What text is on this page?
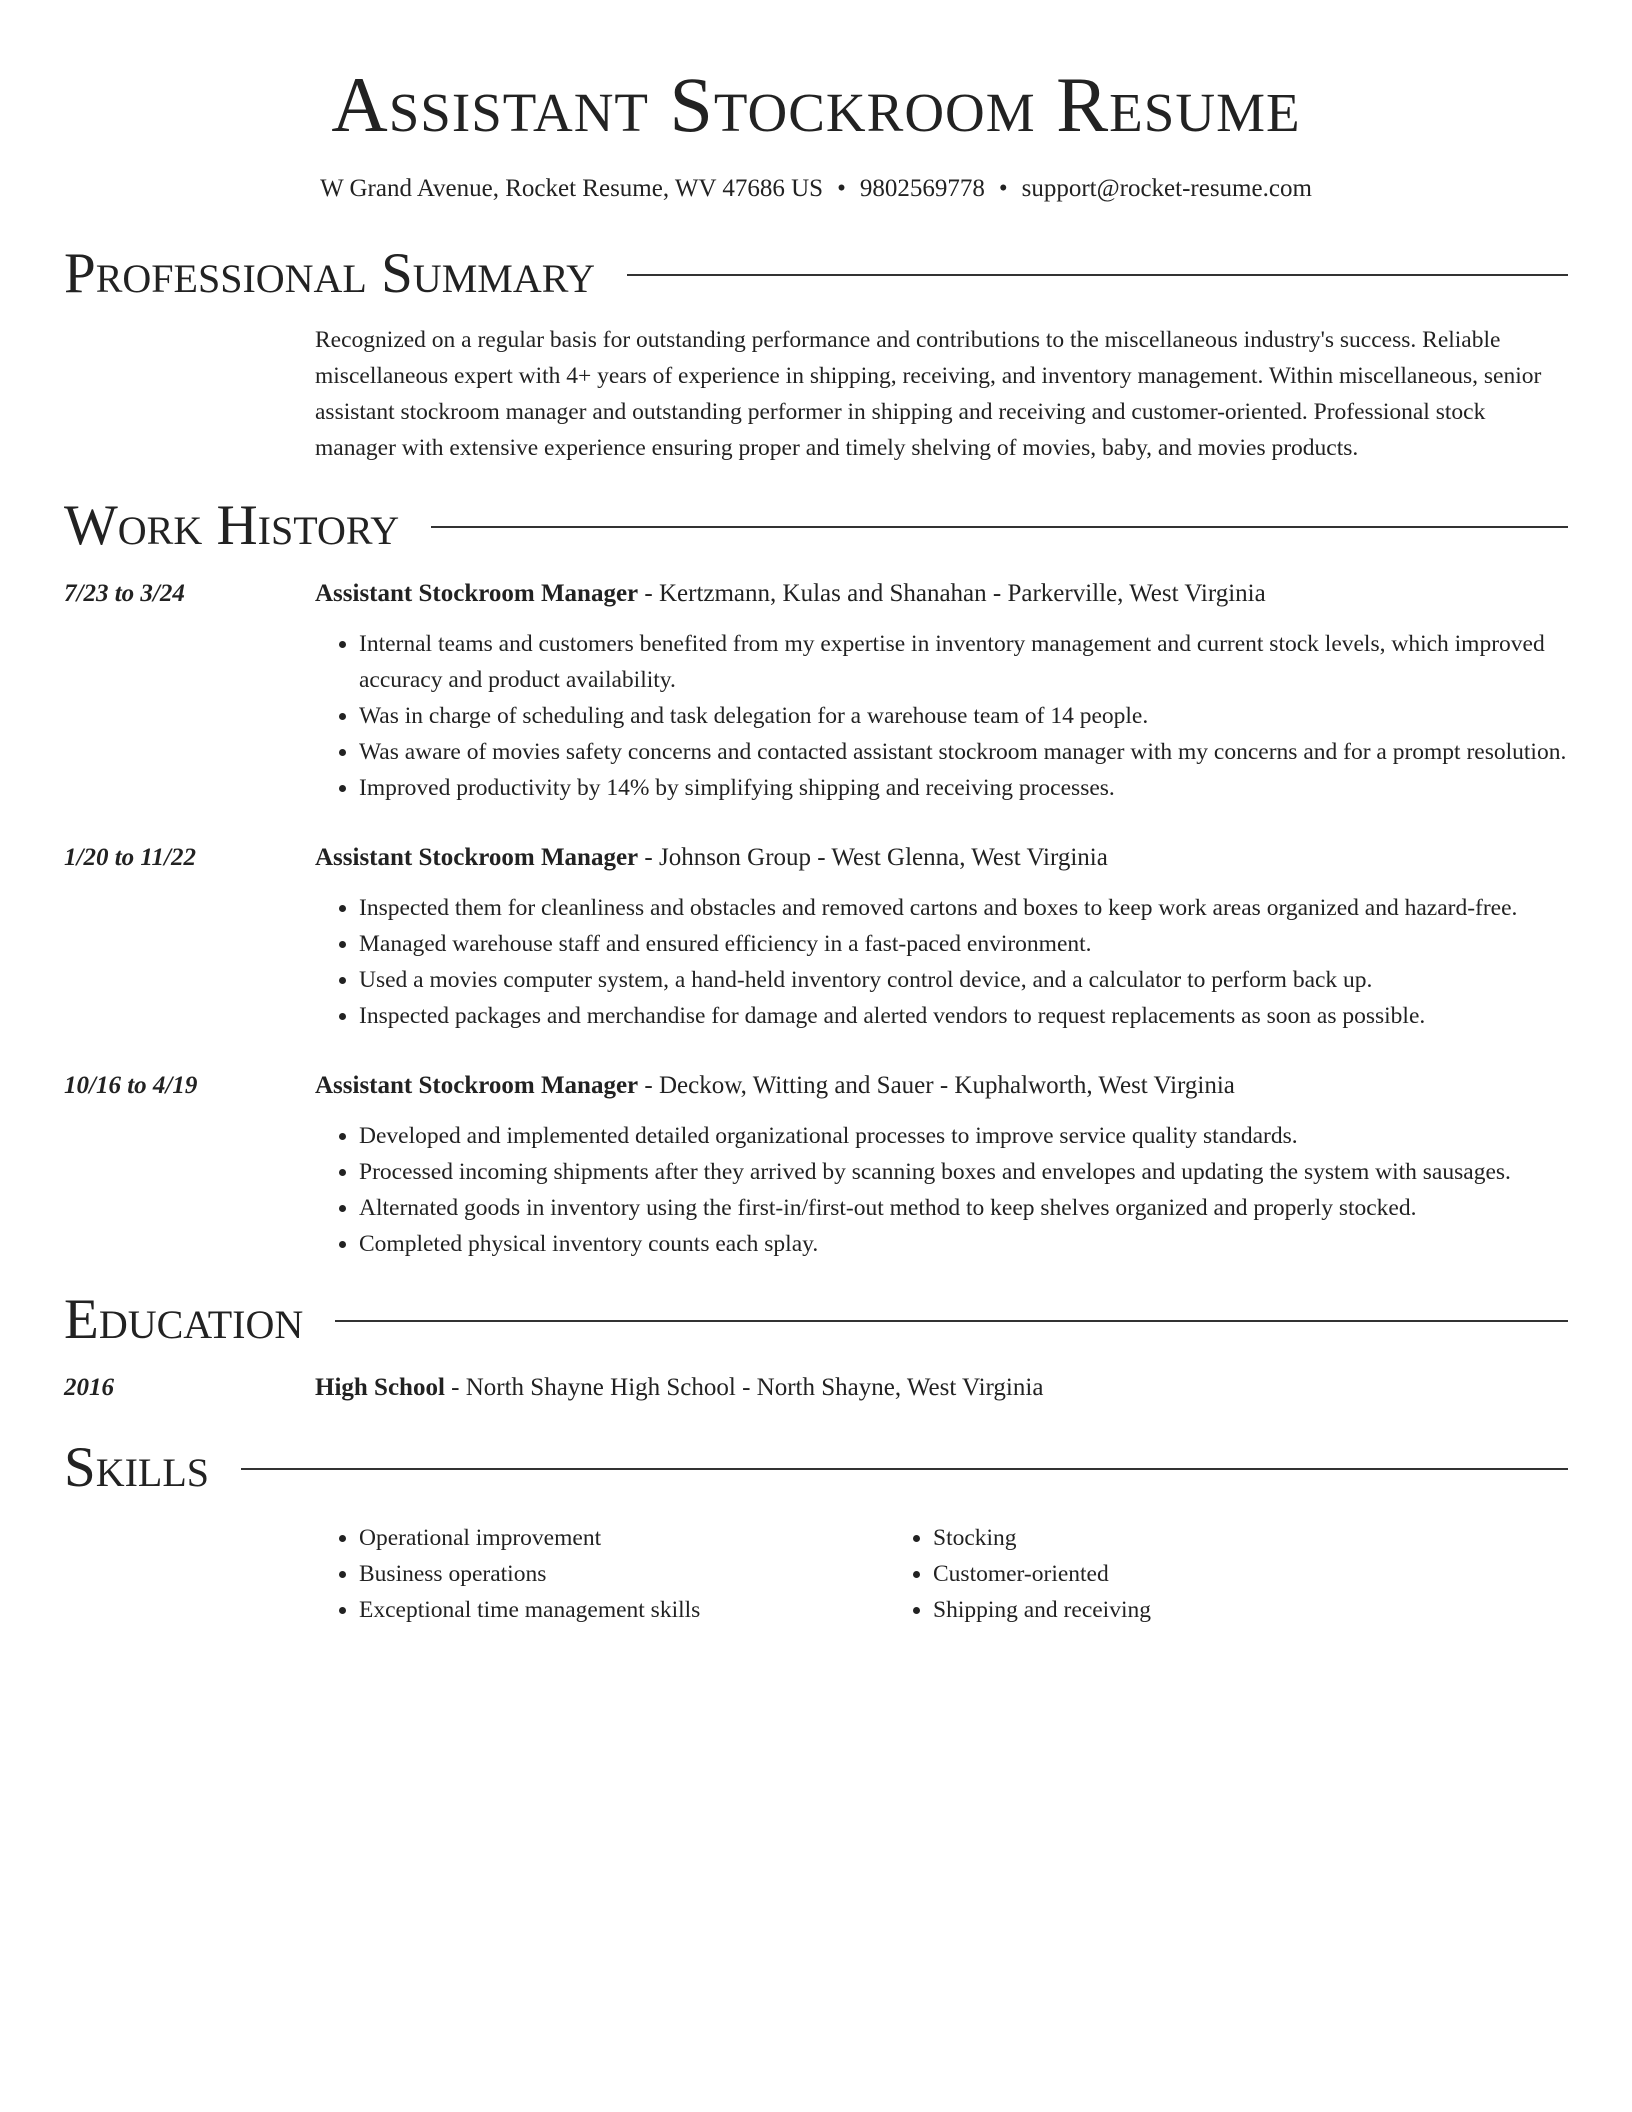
Assistant Stockroom Resume
W Grand Avenue, Rocket Resume, WV 47686 US • 9802569778 • support@rocket-resume.com
Professional Summary
Recognized on a regular basis for outstanding performance and contributions to the miscellaneous industry's success. Reliable miscellaneous expert with 4+ years of experience in shipping, receiving, and inventory management. Within miscellaneous, senior assistant stockroom manager and outstanding performer in shipping and receiving and customer-oriented. Professional stock manager with extensive experience ensuring proper and timely shelving of movies, baby, and movies products.
Work History
7/23 to 3/24	Assistant Stockroom Manager - Kertzmann, Kulas and Shanahan - Parkerville, West Virginia
• Internal teams and customers benefited from my expertise in inventory management and current stock levels, which improved accuracy and product availability.
• Was in charge of scheduling and task delegation for a warehouse team of 14 people.
• Was aware of movies safety concerns and contacted assistant stockroom manager with my concerns and for a prompt resolution.
• Improved productivity by 14% by simplifying shipping and receiving processes.
1/20 to 11/22	Assistant Stockroom Manager - Johnson Group - West Glenna, West Virginia
• Inspected them for cleanliness and obstacles and removed cartons and boxes to keep work areas organized and hazard-free.
• Managed warehouse staff and ensured efficiency in a fast-paced environment.
• Used a movies computer system, a hand-held inventory control device, and a calculator to perform back up.
• Inspected packages and merchandise for damage and alerted vendors to request replacements as soon as possible.
10/16 to 4/19	Assistant Stockroom Manager - Deckow, Witting and Sauer - Kuphalworth, West Virginia
• Developed and implemented detailed organizational processes to improve service quality standards.
• Processed incoming shipments after they arrived by scanning boxes and envelopes and updating the system with sausages.
• Alternated goods in inventory using the first-in/first-out method to keep shelves organized and properly stocked.
• Completed physical inventory counts each splay.
Education
2016	High School - North Shayne High School - North Shayne, West Virginia
Skills
• Operational improvement
• Business operations
• Exceptional time management skills
• Stocking
• Customer-oriented
• Shipping and receiving
